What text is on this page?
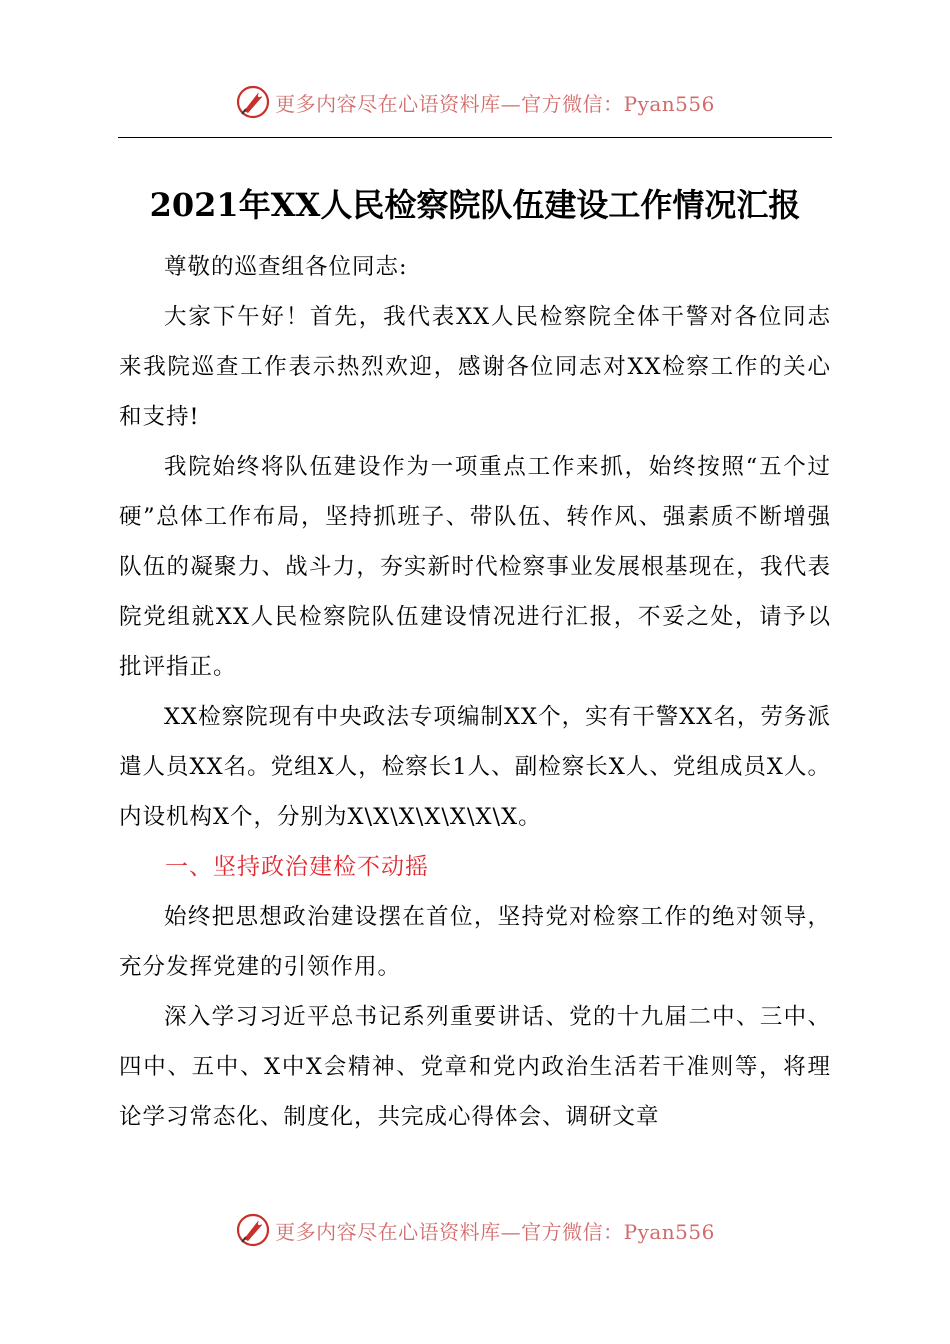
更多内容尽在心语资料库—官方微信：Pyan556
2021年XX人民检察院队伍建设工作情况汇报

尊敬的巡查组各位同志:

大家下午好！首先，我代表XX人民检察院全体干警对各位同志来我院巡查工作表示热烈欢迎，感谢各位同志对XX检察工作的关心和支持!

我院始终将队伍建设作为一项重点工作来抓，始终按照“五个过硬”总体工作布局，坚持抓班子、带队伍、转作风、强素质不断增强队伍的凝聚力、战斗力，夯实新时代检察事业发展根基现在，我代表院党组就XX人民检察院队伍建设情况进行汇报，不妥之处，请予以批评指正。

XX检察院现有中央政法专项编制XX个，实有干警XX名，劳务派遣人员XX名。党组X人，检察长1人、副检察长X人、党组成员X人。内设机构X个，分别为X\X\X\X\X\X\X。

一、坚持政治建检不动摇

始终把思想政治建设摆在首位，坚持党对检察工作的绝对领导，充分发挥党建的引领作用。

深入学习习近平总书记系列重要讲话、党的十九届二中、三中、四中、五中、X中X会精神、党章和党内政治生活若干准则等，将理论学习常态化、制度化，共完成心得体会、调研文章

更多内容尽在心语资料库—官方微信：Pyan556
